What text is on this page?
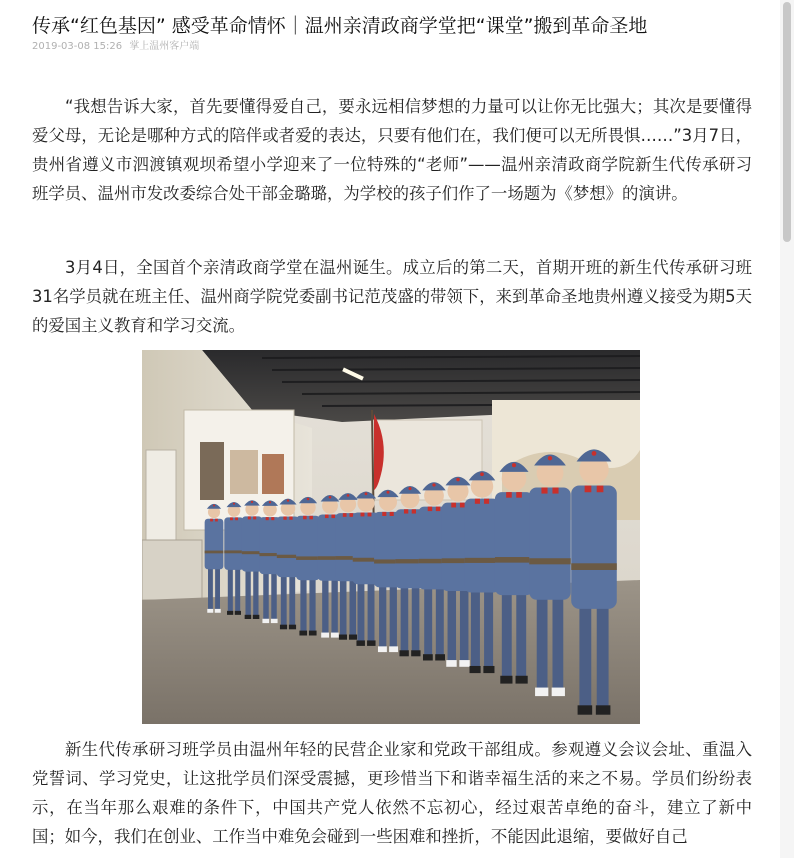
传承“红色基因” 感受革命情怀｜温州亲清政商学堂把“课堂”搬到革命圣地
2019-03-08 15:26 掌上温州客户端

“我想告诉大家，首先要懂得爱自己，要永远相信梦想的力量可以让你无比强大；其次是要懂得爱父母，无论是哪种方式的陪伴或者爱的表达，只要有他们在，我们便可以无所畏惧……”3月7日，贵州省遵义市泗渡镇观坝希望小学迎来了一位特殊的“老师”——温州亲清政商学院新生代传承研习班学员、温州市发改委综合处干部金璐璐，为学校的孩子们作了一场题为《梦想》的演讲。

3月4日，全国首个亲清政商学堂在温州诞生。成立后的第二天，首期开班的新生代传承研习班31名学员就在班主任、温州商学院党委副书记范茂盛的带领下，来到革命圣地贵州遵义接受为期5天的爱国主义教育和学习交流。

新生代传承研习班学员由温州年轻的民营企业家和党政干部组成。参观遵义会议会址、重温入党誓词、学习党史，让这批学员们深受震撼，更珍惜当下和谐幸福生活的来之不易。学员们纷纷表示，在当年那么艰难的条件下，中国共产党人依然不忘初心，经过艰苦卓绝的奋斗，建立了新中国；如今，我们在创业、工作当中难免会碰到一些困难和挫折，不能因此退缩，要做好自己
